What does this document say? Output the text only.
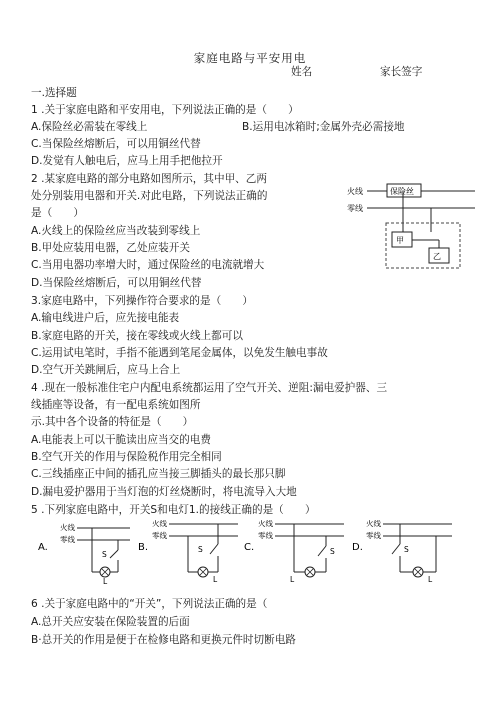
家庭电路与平安用电
姓名	家长签字
一.选择题
1 .关于家庭电路和平安用电，下列说法正确的是（　　）
A.保险丝必需装在零线上	B.运用电冰箱时;金属外壳必需接地
C.当保险丝熔断后，可以用铜丝代替
D.发觉有人触电后，应马上用手把他拉开
2 .某家庭电路的部分电路如图所示，其中甲、乙两
处分别装用电器和开关.对此电路，下列说法正确的
是（　　）
A.火线上的保险丝应当改装到零线上
B.甲处应装用电器，乙处应装开关
C.当用电器功率增大时，通过保险丝的电流就增大
D.当保险丝熔断后，可以用铜丝代替
火线
零线
保险丝
甲
乙
3.家庭电路中，下列操作符合要求的是（　　）
A.输电线进户后，应先接电能表
B.家庭电路的开关，接在零线或火线上都可以
C.运用试电笔时，手指不能遇到笔尾金属体，以免发生触电事故
D.空气开关跳闸后，应马上合上
4 .现在一般标准住宅户内配电系统都运用了空气开关、逆阻:漏电爱护器、三
线插座等设备，有一配电系统如图所
示.其中各个设备的特征是（　　）
A.电能表上可以干脆读出应当交的电费
B.空气开关的作用与保险税作用完全相同
C.三线插座正中间的插孔应当接三脚插头的最长那只脚
D.漏电爱护器用于当灯泡的灯丝烧断时，将电流导入大地
5 .下列家庭电路中，开关S和电灯1.的接线正确的是（　　）
A.
火线
零线
S
L
B.
火线
零线
S
L
C.
火线
零线
S
L
D.
火线
零线
S
L
6 .关于家庭电路中的“开关”，下列说法正确的是（
A.总开关应安装在保险装置的后面
B·总开关的作用是便于在检修电路和更换元件时切断电路
